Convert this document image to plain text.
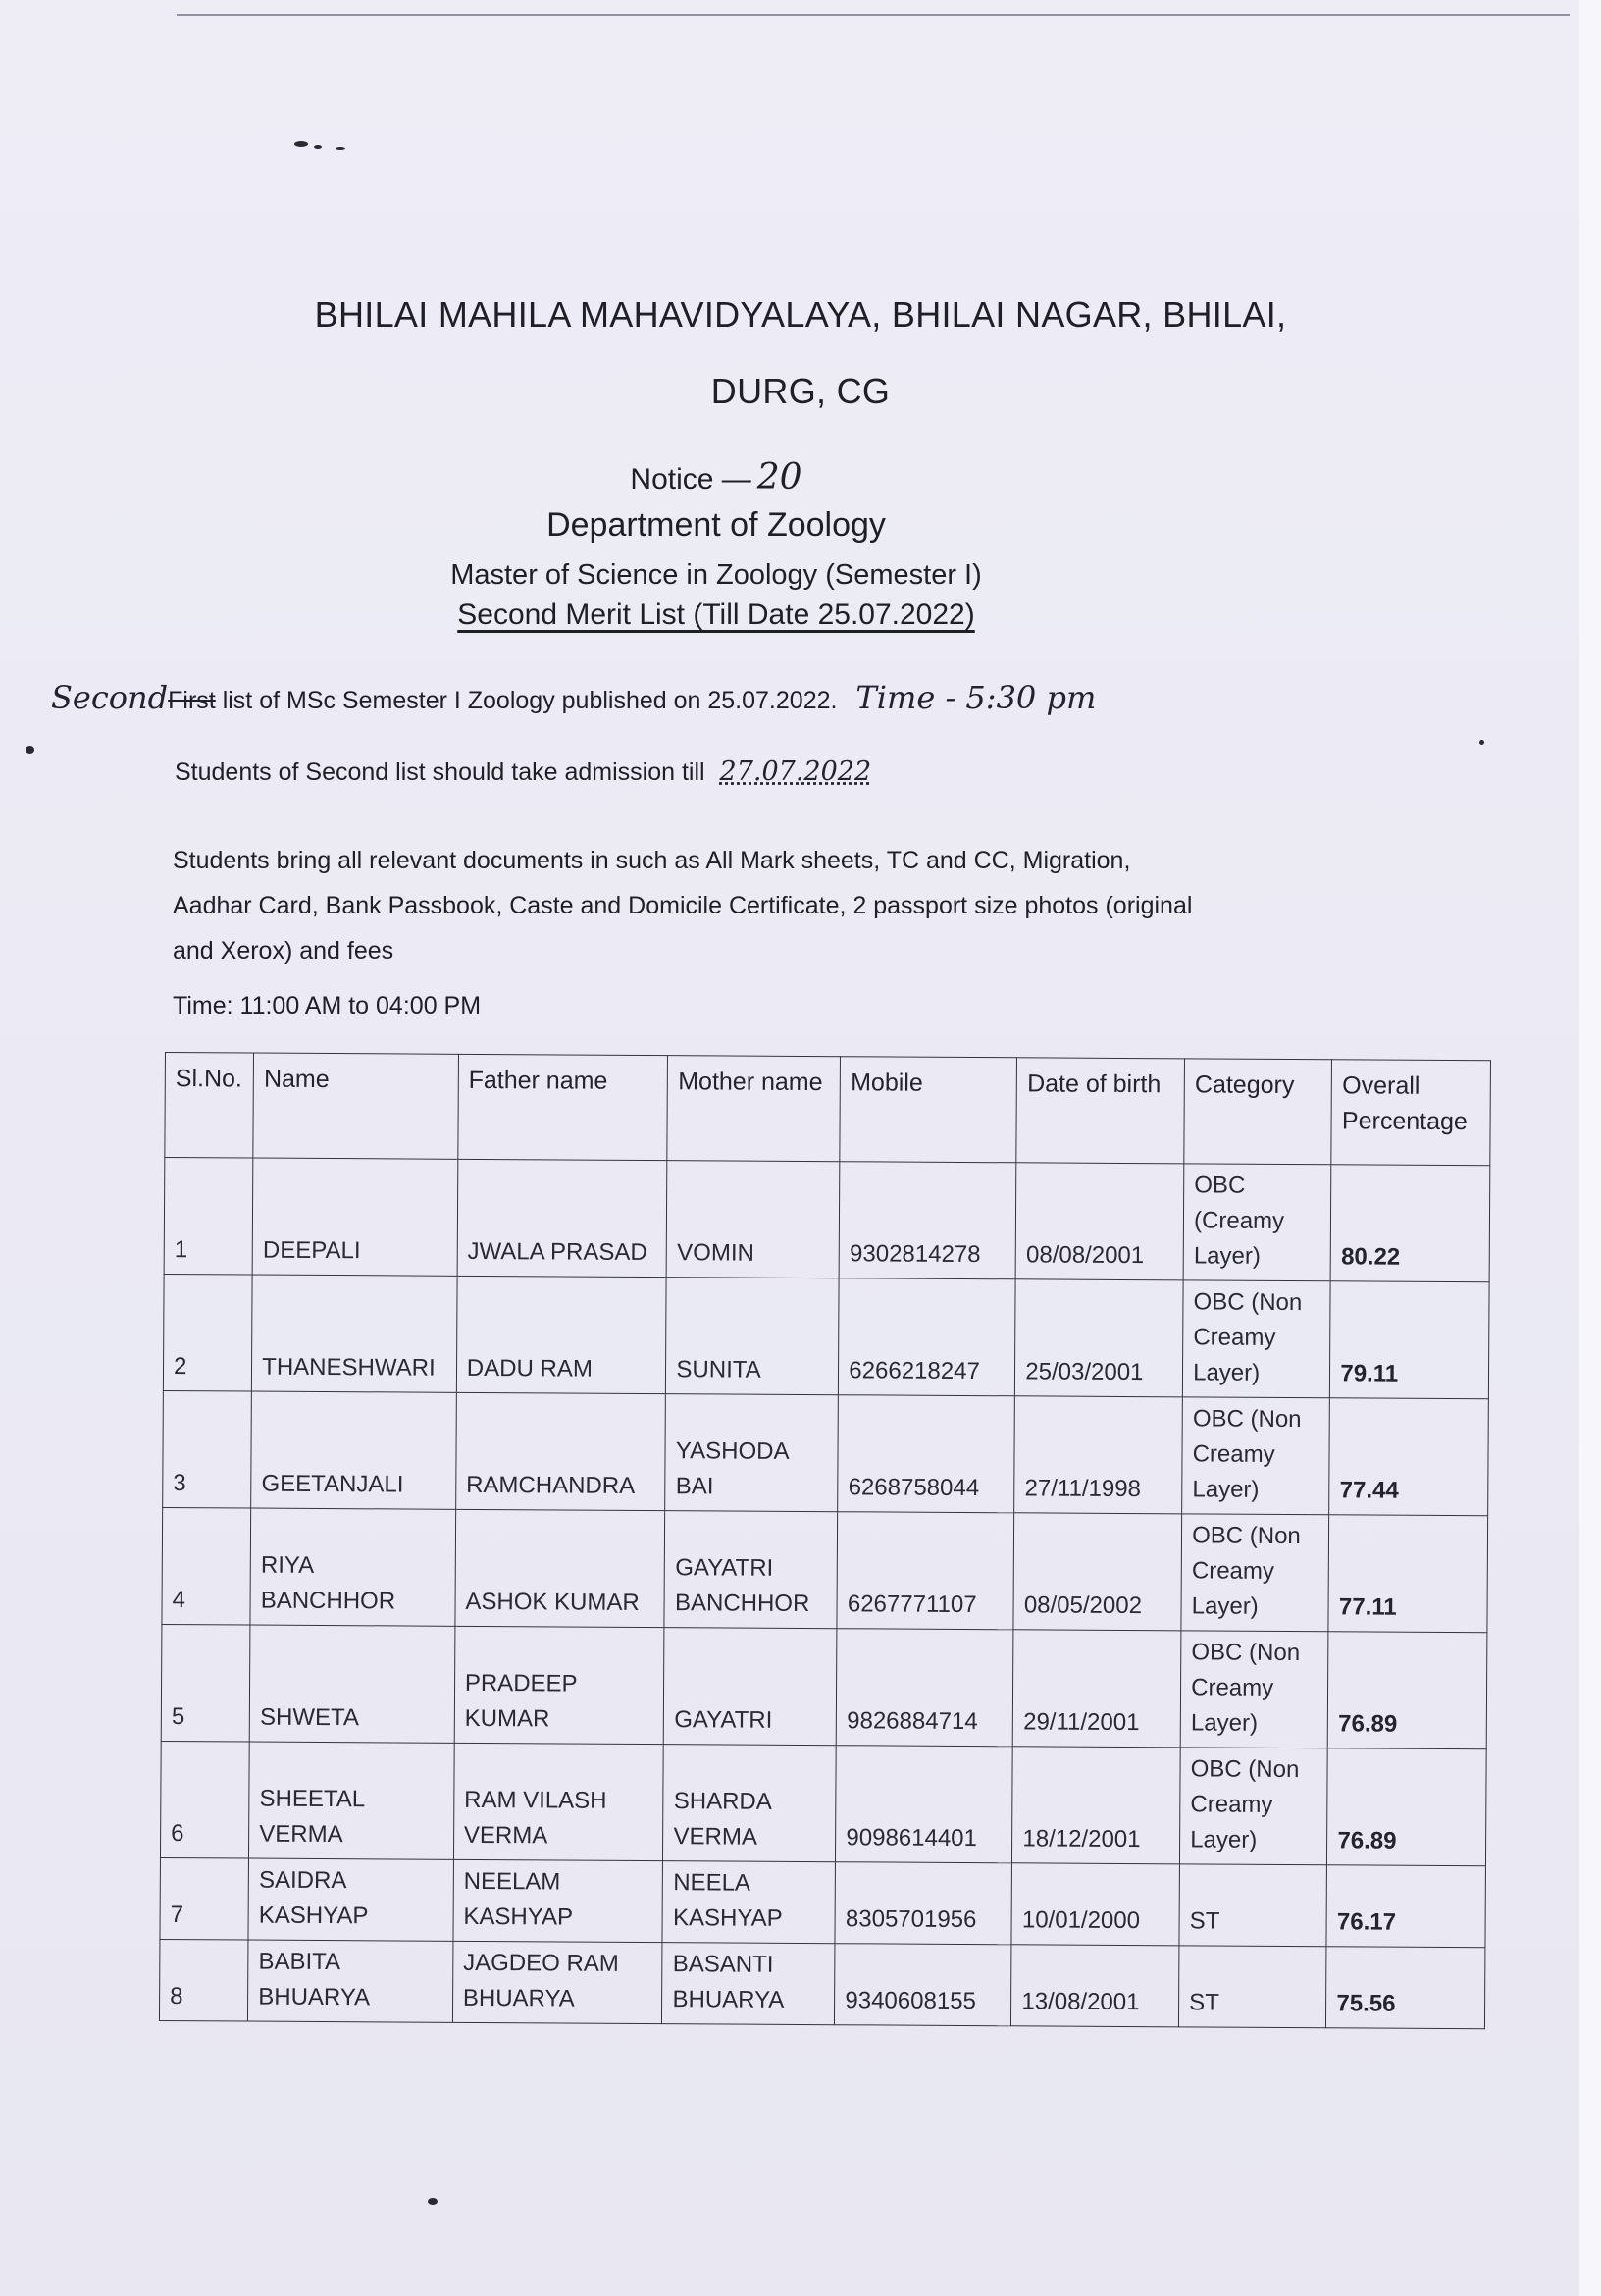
BHILAI MAHILA MAHAVIDYALAYA, BHILAI NAGAR, BHILAI,
DURG, CG
Notice — 20
Department of Zoology
Master of Science in Zoology (Semester I)
Second Merit List (Till Date 25.07.2022)
SecondFirst list of MSc Semester I Zoology published on 25.07.2022. Time - 5:30 pm
Students of Second list should take admission till 27.07.2022
Students bring all relevant documents in such as All Mark sheets, TC and CC, Migration,
Aadhar Card, Bank Passbook, Caste and Domicile Certificate, 2 passport size photos (original
and Xerox) and fees
Time: 11:00 AM to 04:00 PM
Sl.No.	Name	Father name	Mother name	Mobile	Date of birth	Category	Overall Percentage
1	DEEPALI	JWALA PRASAD	VOMIN	9302814278	08/08/2001	OBC (Creamy Layer)	80.22
2	THANESHWARI	DADU RAM	SUNITA	6266218247	25/03/2001	OBC (Non Creamy Layer)	79.11
3	GEETANJALI	RAMCHANDRA	YASHODA BAI	6268758044	27/11/1998	OBC (Non Creamy Layer)	77.44
4	RIYA BANCHHOR	ASHOK KUMAR	GAYATRI BANCHHOR	6267771107	08/05/2002	OBC (Non Creamy Layer)	77.11
5	SHWETA	PRADEEP KUMAR	GAYATRI	9826884714	29/11/2001	OBC (Non Creamy Layer)	76.89
6	SHEETAL VERMA	RAM VILASH VERMA	SHARDA VERMA	9098614401	18/12/2001	OBC (Non Creamy Layer)	76.89
7	SAIDRA KASHYAP	NEELAM KASHYAP	NEELA KASHYAP	8305701956	10/01/2000	ST	76.17
8	BABITA BHUARYA	JAGDEO RAM BHUARYA	BASANTI BHUARYA	9340608155	13/08/2001	ST	75.56
